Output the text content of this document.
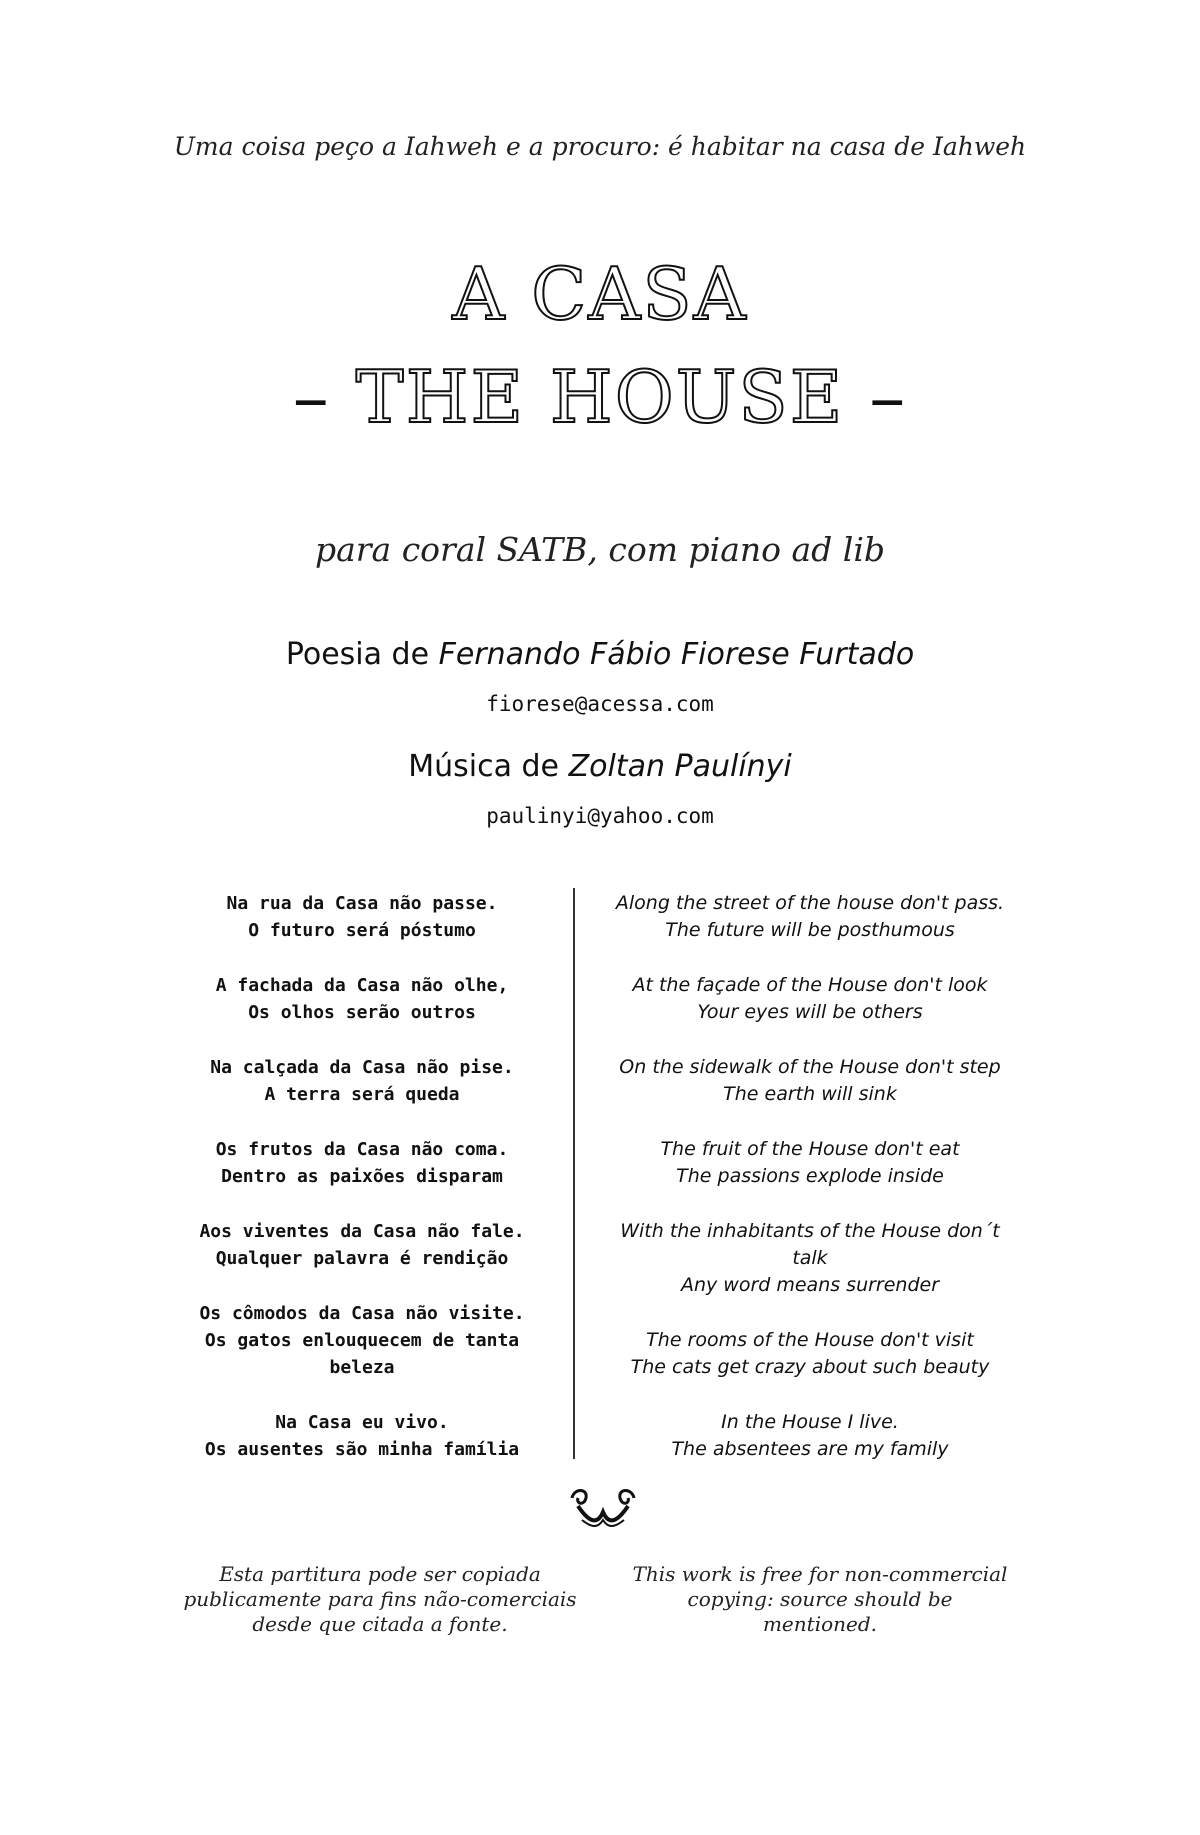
Uma coisa peço a Iahweh e a procuro: é habitar na casa de Iahweh
A CASA
– THE HOUSE –
para coral SATB, com piano ad lib
Poesia de Fernando Fábio Fiorese Furtado
fiorese@acessa.com
Música de Zoltan Paulínyi
paulinyi@yahoo.com
Na rua da Casa não passe.
O futuro será póstumo
A fachada da Casa não olhe,
Os olhos serão outros
Na calçada da Casa não pise.
A terra será queda
Os frutos da Casa não coma.
Dentro as paixões disparam
Aos viventes da Casa não fale.
Qualquer palavra é rendição
Os cômodos da Casa não visite.
Os gatos enlouquecem de tanta
beleza
Na Casa eu vivo.
Os ausentes são minha família
Along the street of the house don't pass.
The future will be posthumous
At the façade of the House don't look
Your eyes will be others
On the sidewalk of the House don't step
The earth will sink
The fruit of the House don't eat
The passions explode inside
With the inhabitants of the House don´t talk
Any word means surrender
The rooms of the House don't visit
The cats get crazy about such beauty
In the House I live.
The absentees are my family
Esta partitura pode ser copiada publicamente para fins não-comerciais desde que citada a fonte.
This work is free for non-commercial copying: source should be mentioned.
